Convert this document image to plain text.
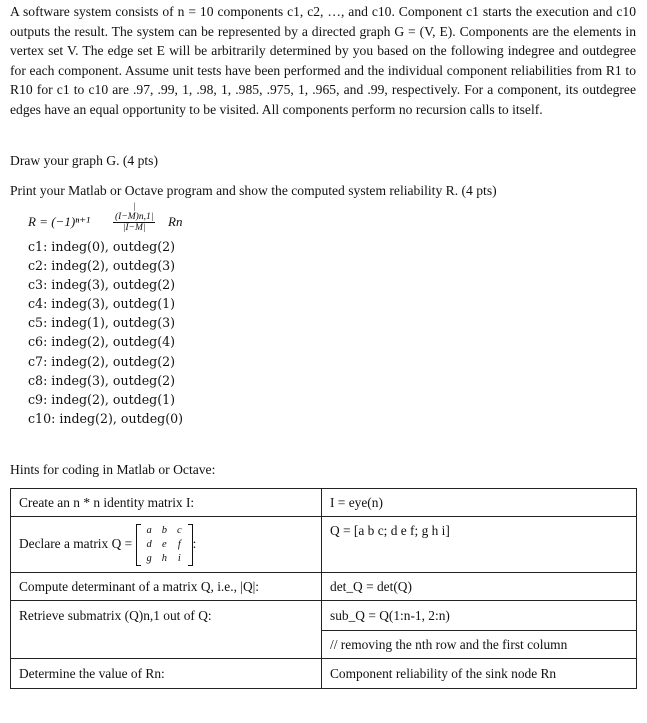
A software system consists of n = 10 components c1, c2, …, and c10. Component c1 starts the execution and c10 outputs the result. The system can be represented by a directed graph G = (V, E). Components are the elements in vertex set V. The edge set E will be arbitrarily determined by you based on the following indegree and outdegree for each component. Assume unit tests have been performed and the individual component reliabilities from R1 to R10 for c1 to c10 are .97, .99, 1, .98, 1, .985, .975, 1, .965, and .99, respectively. For a component, its outdegree edges have an equal opportunity to be visited. All components perform no recursion calls to itself.
Draw your graph G. (4 pts)
Print your Matlab or Octave program and show the computed system reliability R. (4 pts)
$R = (-1)^{n+1} \frac{|(I-M)n,1|}{|I-M|}$ Rn
c1: indeg(0), outdeg(2)
c2: indeg(2), outdeg(3)
c3: indeg(3), outdeg(2)
c4: indeg(3), outdeg(1)
c5: indeg(1), outdeg(3)
c6: indeg(2), outdeg(4)
c7: indeg(2), outdeg(2)
c8: indeg(3), outdeg(2)
c9: indeg(2), outdeg(1)
c10: indeg(2), outdeg(0)
Hints for coding in Matlab or Octave:
Create an n * n identity matrix I:	I = eye(n)
Declare a matrix Q =
a	b	c
d	e	f
g	h	i
:	Q = [a b c; d e f; g h i]
Compute determinant of a matrix Q, i.e., |Q|:	det_Q = det(Q)
Retrieve submatrix (Q)n,1 out of Q:	sub_Q = Q(1:n-1, 2:n)
	// removing the nth row and the first column
Determine the value of Rn:	Component reliability of the sink node Rn
